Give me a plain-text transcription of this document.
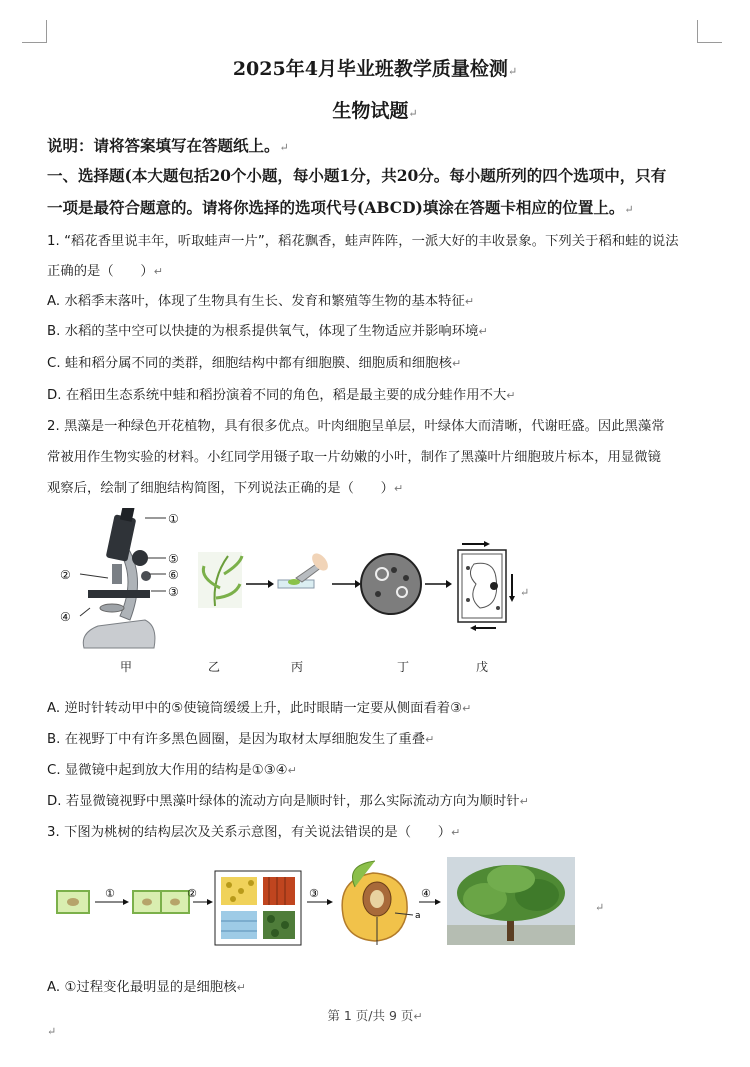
2025年4月毕业班教学质量检测↵
生物试题↵
说明：请将答案填写在答题纸上。↵
一、选择题(本大题包括20个小题，每小题1分，共20分。每小题所列的四个选项中，只有
一项是最符合题意的。请将你选择的选项代号(ABCD)填涂在答题卡相应的位置上。↵
1. “稻花香里说丰年，听取蛙声一片”，稻花飘香，蛙声阵阵，一派大好的丰收景象。下列关于稻和蛙的说法
正确的是（　　）↵
A. 水稻季末落叶，体现了生物具有生长、发育和繁殖等生物的基本特征↵
B. 水稻的茎中空可以快捷的为根系提供氧气，体现了生物适应并影响环境↵
C. 蛙和稻分属不同的类群，细胞结构中都有细胞膜、细胞质和细胞核↵
D. 在稻田生态系统中蛙和稻扮演着不同的角色，稻是最主要的成分蛙作用不大↵
2. 黑藻是一种绿色开花植物，具有很多优点。叶肉细胞呈单层，叶绿体大而清晰，代谢旺盛。因此黑藻常
常被用作生物实验的材料。小红同学用镊子取一片幼嫩的小叶，制作了黑藻叶片细胞玻片标本，用显微镜
观察后，绘制了细胞结构简图，下列说法正确的是（　　）↵
①
⑤
⑥
③
②
④
↵
甲	乙	丙	丁	戊
A. 逆时针转动甲中的⑤使镜筒缓缓上升，此时眼睛一定要从侧面看着③↵
B. 在视野丁中有许多黑色圆圈，是因为取材太厚细胞发生了重叠↵
C. 显微镜中起到放大作用的结构是①③④↵
D. 若显微镜视野中黑藻叶绿体的流动方向是顺时针，那么实际流动方向为顺时针↵
3. 下图为桃树的结构层次及关系示意图，有关说法错误的是（　　）↵
①	②	③
a
④
↵
A. ①过程变化最明显的是细胞核↵
第 1 页/共 9 页↵
↵
